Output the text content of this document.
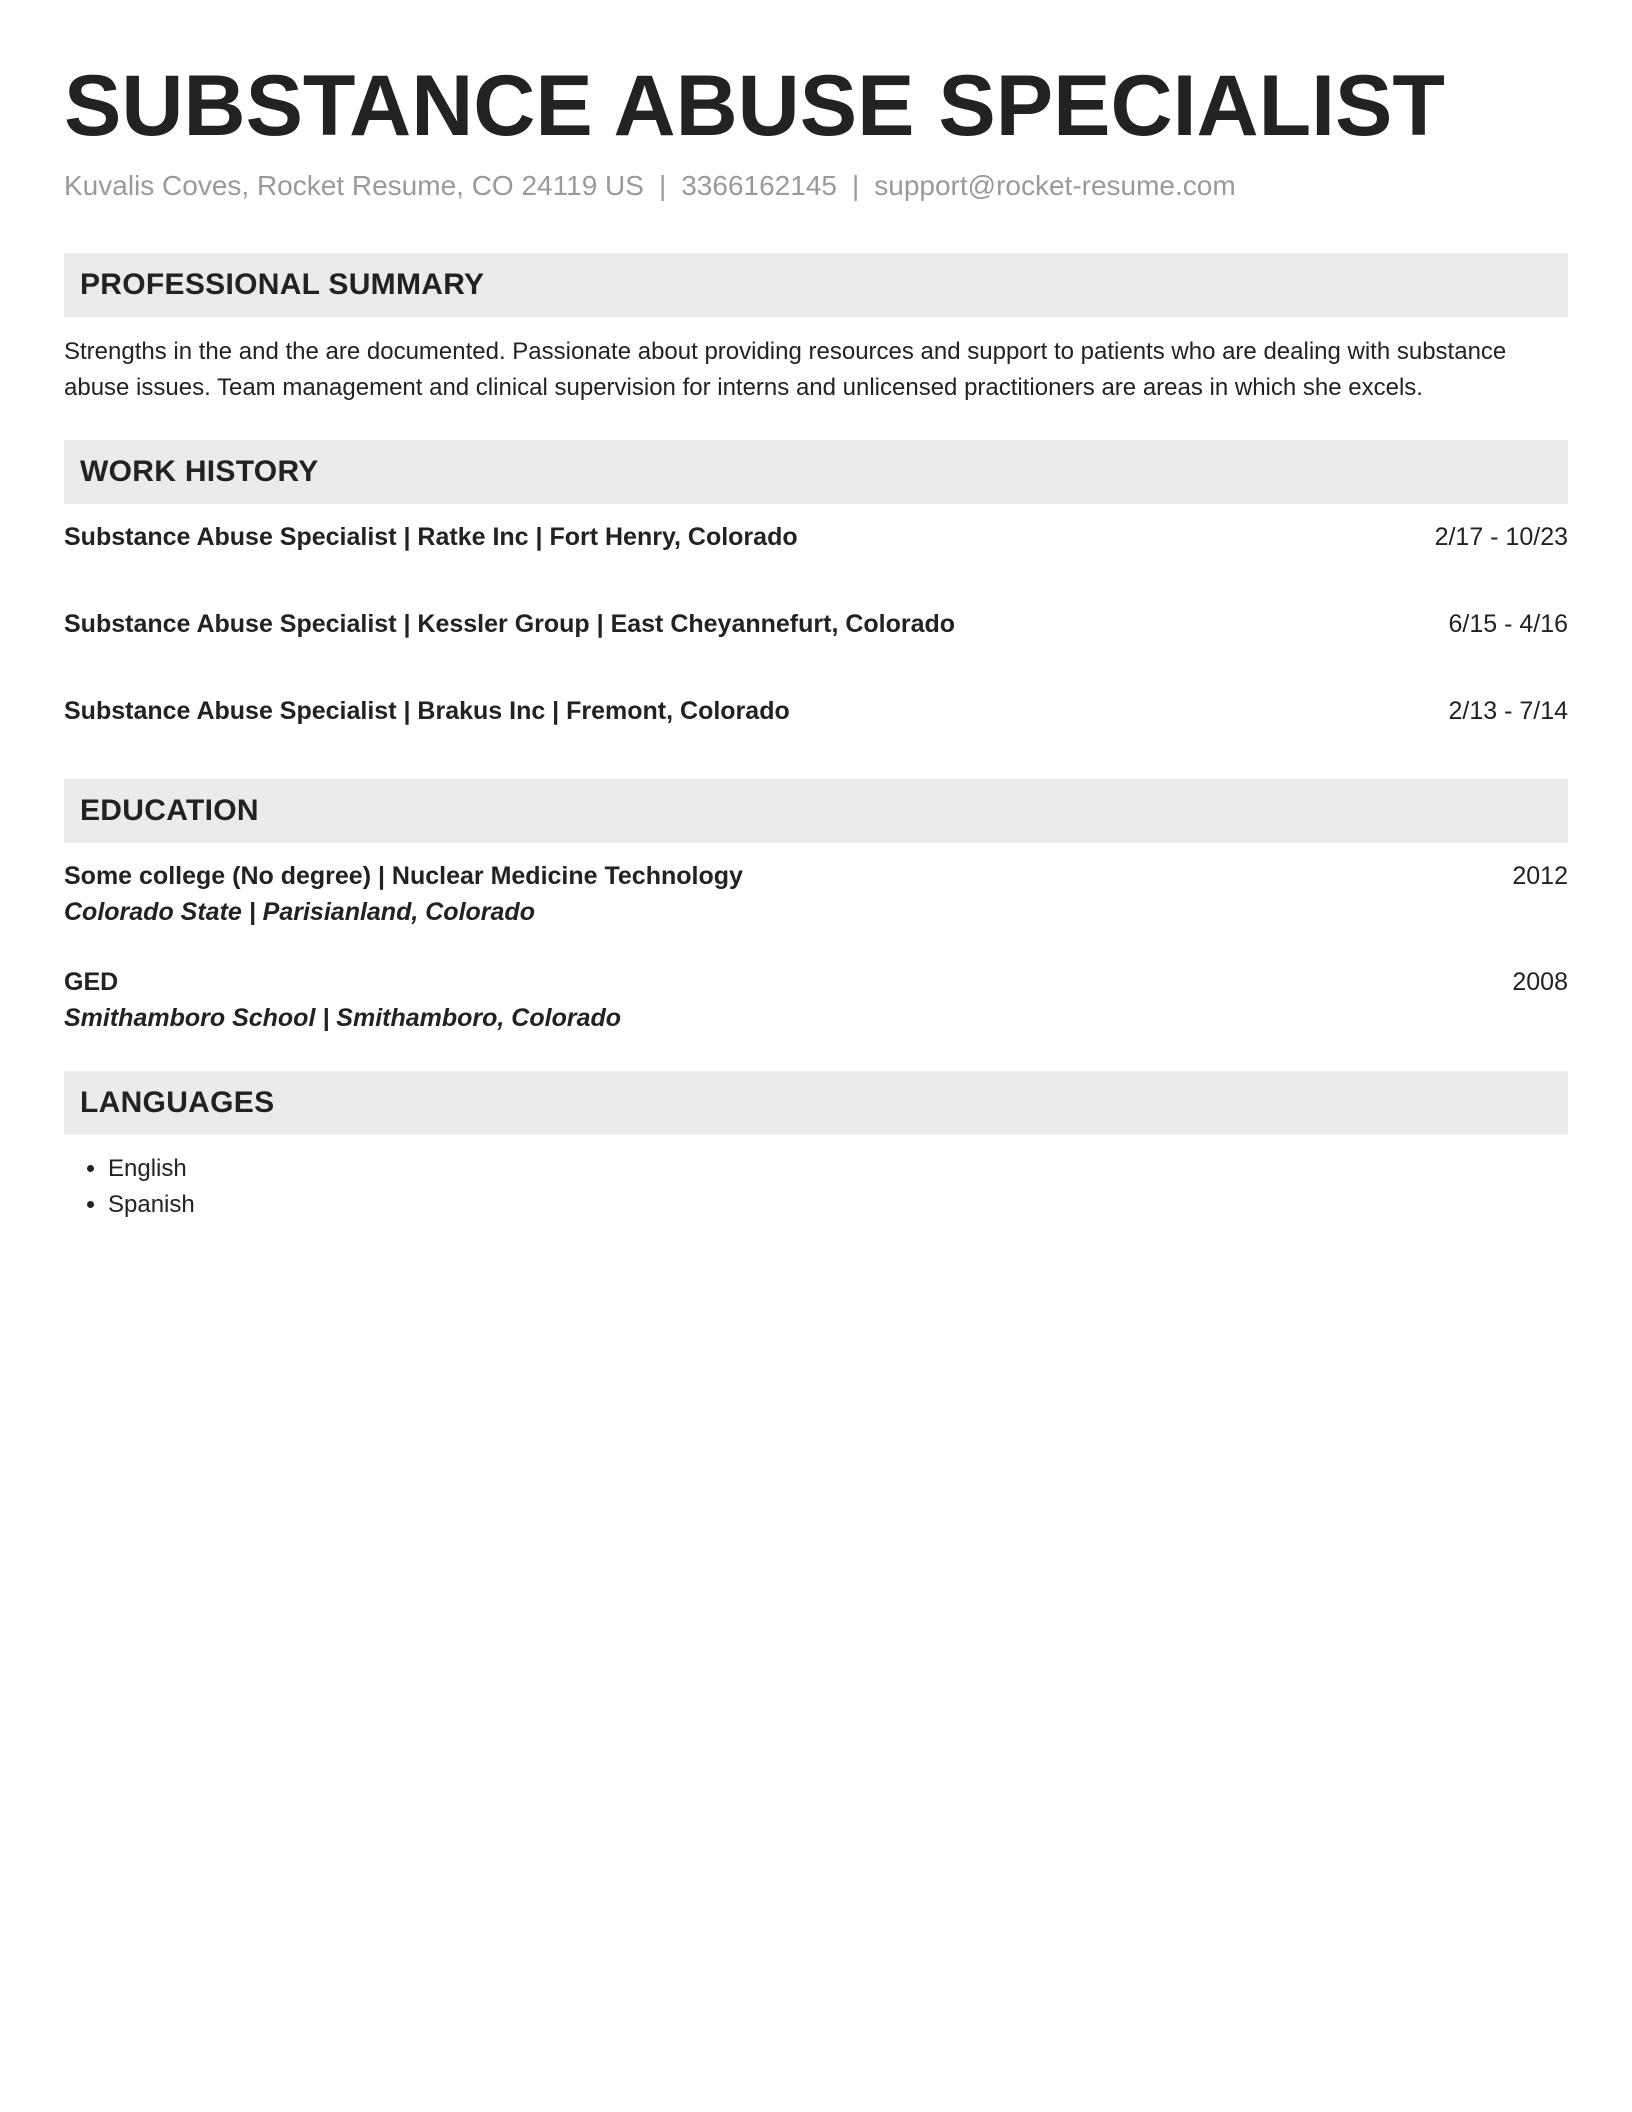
SUBSTANCE ABUSE SPECIALIST
Kuvalis Coves, Rocket Resume, CO 24119 US | 3366162145 | support@rocket-resume.com
PROFESSIONAL SUMMARY

Strengths in the and the are documented. Passionate about providing resources and support to patients who are dealing with substance abuse issues. Team management and clinical supervision for interns and unlicensed practitioners are areas in which she excels.

WORK HISTORY
Substance Abuse Specialist | Ratke Inc | Fort Henry, Colorado	2/17 - 10/23
Substance Abuse Specialist | Kessler Group | East Cheyannefurt, Colorado	6/15 - 4/16
Substance Abuse Specialist | Brakus Inc | Fremont, Colorado	2/13 - 7/14
EDUCATION
Some college (No degree) | Nuclear Medicine Technology	2012
Colorado State | Parisianland, Colorado
GED	2008
Smithamboro School | Smithamboro, Colorado
LANGUAGES
• English
• Spanish
